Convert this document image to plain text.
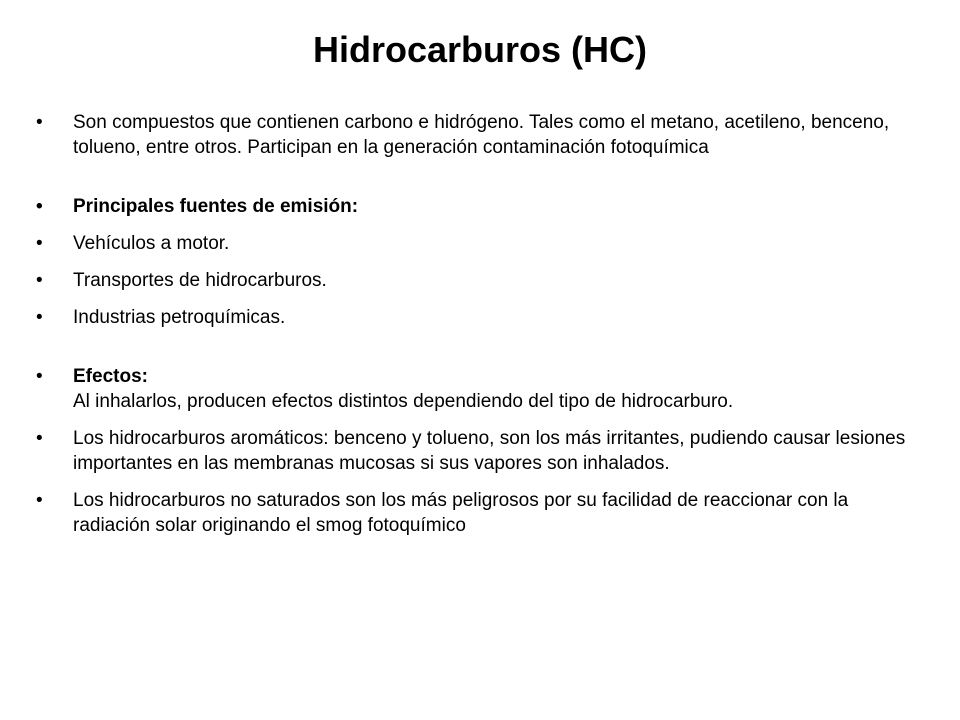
Hidrocarburos (HC)
• Son compuestos que contienen carbono e hidrógeno. Tales como el metano, acetileno, benceno, tolueno, entre otros. Participan en la generación contaminación fotoquímica
• Principales fuentes de emisión:
• Vehículos a motor.
• Transportes de hidrocarburos.
• Industrias petroquímicas.
• Efectos:
Al inhalarlos, producen efectos distintos dependiendo del tipo de hidrocarburo.
• Los hidrocarburos aromáticos: benceno y tolueno, son los más irritantes, pudiendo causar lesiones importantes en las membranas mucosas si sus vapores son inhalados.
• Los hidrocarburos no saturados son los más peligrosos por su facilidad de reaccionar con la radiación solar originando el smog fotoquímico
